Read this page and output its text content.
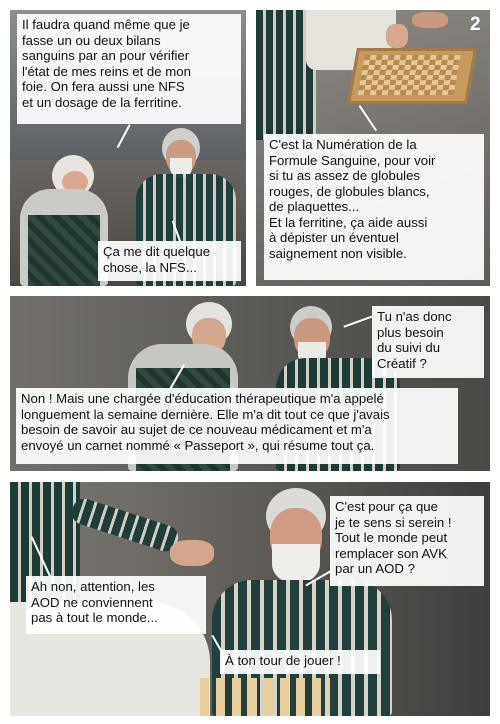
Il faudra quand même que je
fasse un ou deux bilans
sanguins par an pour vérifier
l'état de mes reins et de mon
foie. On fera aussi une NFS
et un dosage de la ferritine.
Ça me dit quelque
chose, la NFS...
2
C'est la Numération de la
Formule Sanguine, pour voir
si tu as assez de globules
rouges, de globules blancs,
de plaquettes...
Et la ferritine, ça aide aussi
à dépister un éventuel
saignement non visible.
Tu n'as donc
plus besoin
du suivi du
Créatif ?
Non ! Mais une chargée d'éducation thérapeutique m'a appelé
longuement la semaine dernière. Elle m'a dit tout ce que j'avais
besoin de savoir au sujet de ce nouveau médicament et m'a
envoyé un carnet nommé « Passeport », qui résume tout ça.
C'est pour ça que
je te sens si serein !
Tout le monde peut
remplacer son AVK
par un AOD ?
Ah non, attention, les
AOD ne conviennent
pas à tout le monde...
À ton tour de jouer !
